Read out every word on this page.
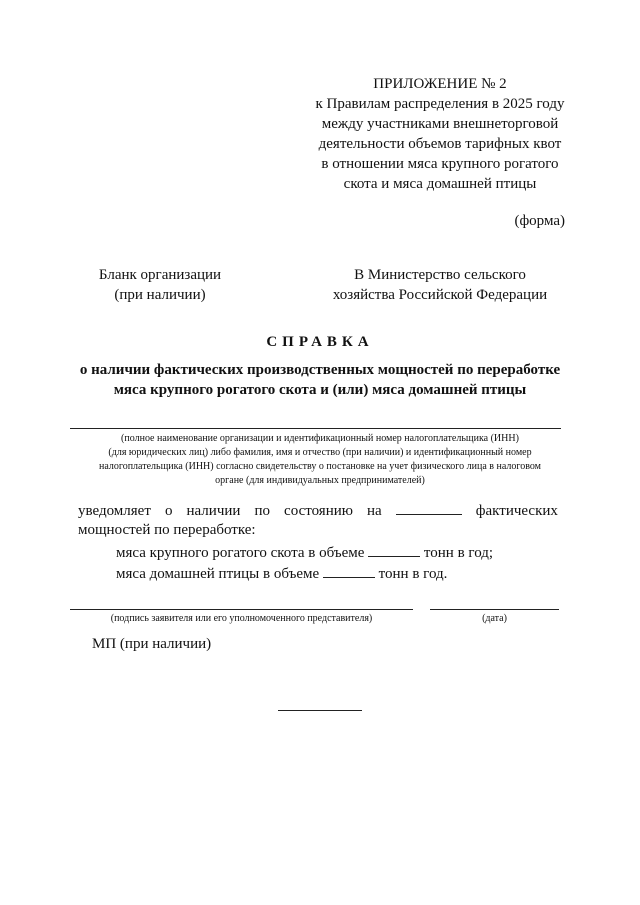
ПРИЛОЖЕНИЕ № 2
к Правилам распределения в 2025 году
между участниками внешнеторговой
деятельности объемов тарифных квот
в отношении мяса крупного рогатого
скота и мяса домашней птицы
(форма)
Бланк организации
(при наличии)
В Министерство сельского
хозяйства Российской Федерации
СПРАВКА
о наличии фактических производственных мощностей по переработке
мяса крупного рогатого скота и (или) мяса домашней птицы
(полное наименование организации и идентификационный номер налогоплательщика (ИНН)
(для юридических лиц) либо фамилия, имя и отчество (при наличии) и идентификационный номер
налогоплательщика (ИНН) согласно свидетельству о постановке на учет физического лица в налоговом
органе (для индивидуальных предпринимателей)
уведомляет о наличии по состоянию на	фактических
мощностей по переработке:
мяса крупного рогатого скота в объеме	тонн в год;
мяса домашней птицы в объеме	тонн в год.
(подпись заявителя или его уполномоченного представителя)	(дата)
МП (при наличии)
